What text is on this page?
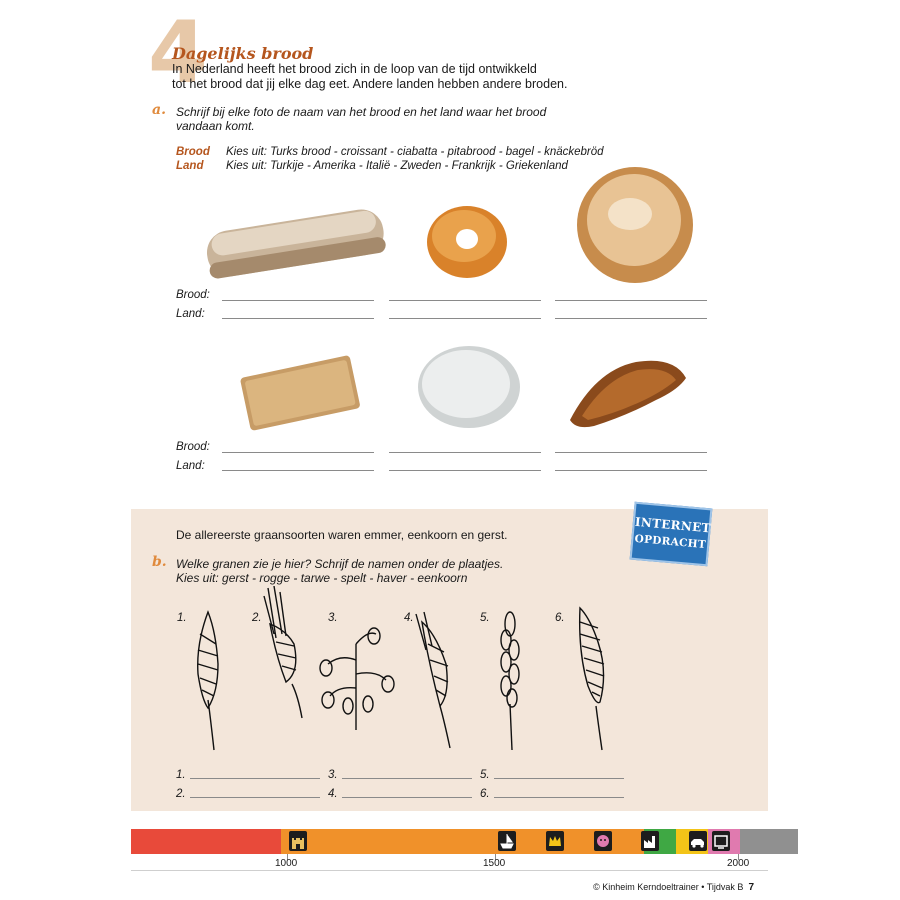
4
Dagelijks brood
In Nederland heeft het brood zich in de loop van de tijd ontwikkeld
tot het brood dat jij elke dag eet. Andere landen hebben andere broden.
a. Schrijf bij elke foto de naam van het brood en het land waar het brood
vandaan komt.
Brood Kies uit: Turks brood - croissant - ciabatta - pitabrood - bagel - knäckebröd
Land Kies uit: Turkije - Amerika - Italië - Zweden - Frankrijk - Griekenland
Brood:
Land:
Brood:
Land:
INTERNET
OPDRACHT
De allereerste graansoorten waren emmer, eenkoorn en gerst.
b. Welke granen zie je hier? Schrijf de namen onder de plaatjes.
Kies uit: gerst - rogge - tarwe - spelt - haver - eenkoorn
1.	2.	3.	4.	5.	6.
1.	3.	5.
2.	4.	6.
1000	1500	2000
© Kinheim Kerndoeltrainer • Tijdvak B 7
